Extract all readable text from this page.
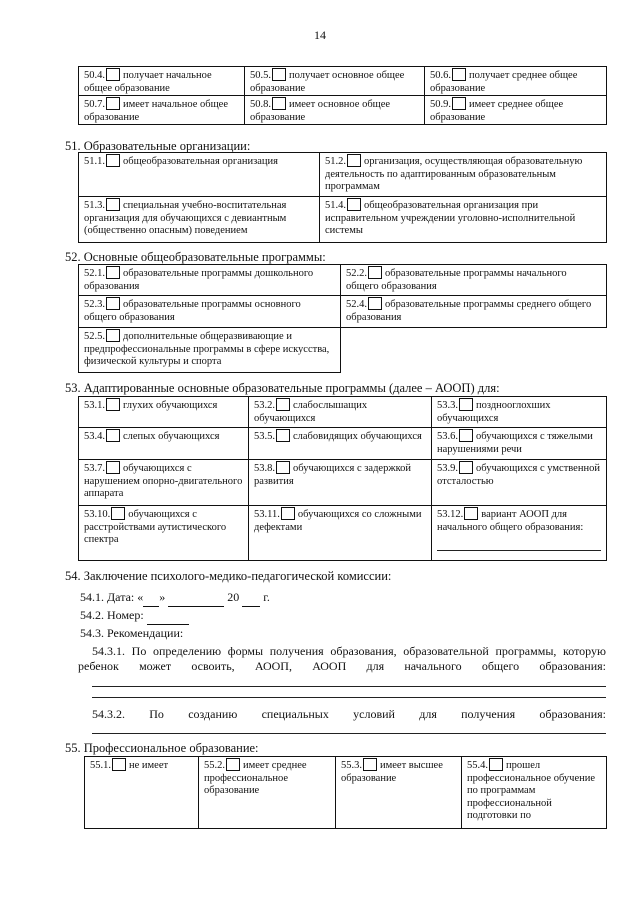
14
50.4. получает начальное общее образование	50.5. получает основное общее образование	50.6. получает среднее общее образование
50.7. имеет начальное общее образование	50.8. имеет основное общее образование	50.9. имеет среднее общее образование
51. Образовательные организации:
51.1. общеобразовательная организация	51.2. организация, осуществляющая образовательную деятельность по адаптированным образовательным программам
51.3. специальная учебно-воспитательная организация для обучающихся с девиантным (общественно опасным) поведением	51.4. общеобразовательная организация при исправительном учреждении уголовно-исполнительной системы
52. Основные общеобразовательные программы:
52.1. образовательные программы дошкольного образования	52.2. образовательные программы начального общего образования
52.3. образовательные программы основного общего образования	52.4. образовательные программы среднего общего образования
52.5. дополнительные общеразвивающие и предпрофессиональные программы в сфере искусства, физической культуры и спорта	
53. Адаптированные основные образовательные программы (далее – АООП) для:
53.1. глухих обучающихся	53.2. слабослышащих обучающихся	53.3. позднооглохших обучающихся
53.4. слепых обучающихся	53.5. слабовидящих обучающихся	53.6. обучающихся с тяжелыми нарушениями речи
53.7. обучающихся с нарушением опорно-двигательного аппарата	53.8. обучающихся с задержкой развития	53.9. обучающихся с умственной отсталостью
53.10. обучающихся с расстройствами аутистического спектра	53.11. обучающихся со сложными дефектами	53.12. вариант АООП для начального общего образования:
54. Заключение психолого-медико-педагогической комиссии:
54.1. Дата: « »	20 г.
54.2. Номер:
54.3. Рекомендации:
54.3.1. По определению формы получения образования, образовательной программы, которую
ребенок может освоить, АООП, АООП для начального общего образования:
54.3.2. По созданию специальных условий для получения образования:
55. Профессиональное образование:
55.1. не имеет	55.2. имеет среднее профессиональное образование	55.3. имеет высшее образование	55.4. прошел профессиональное обучение по программам профессиональной подготовки по
